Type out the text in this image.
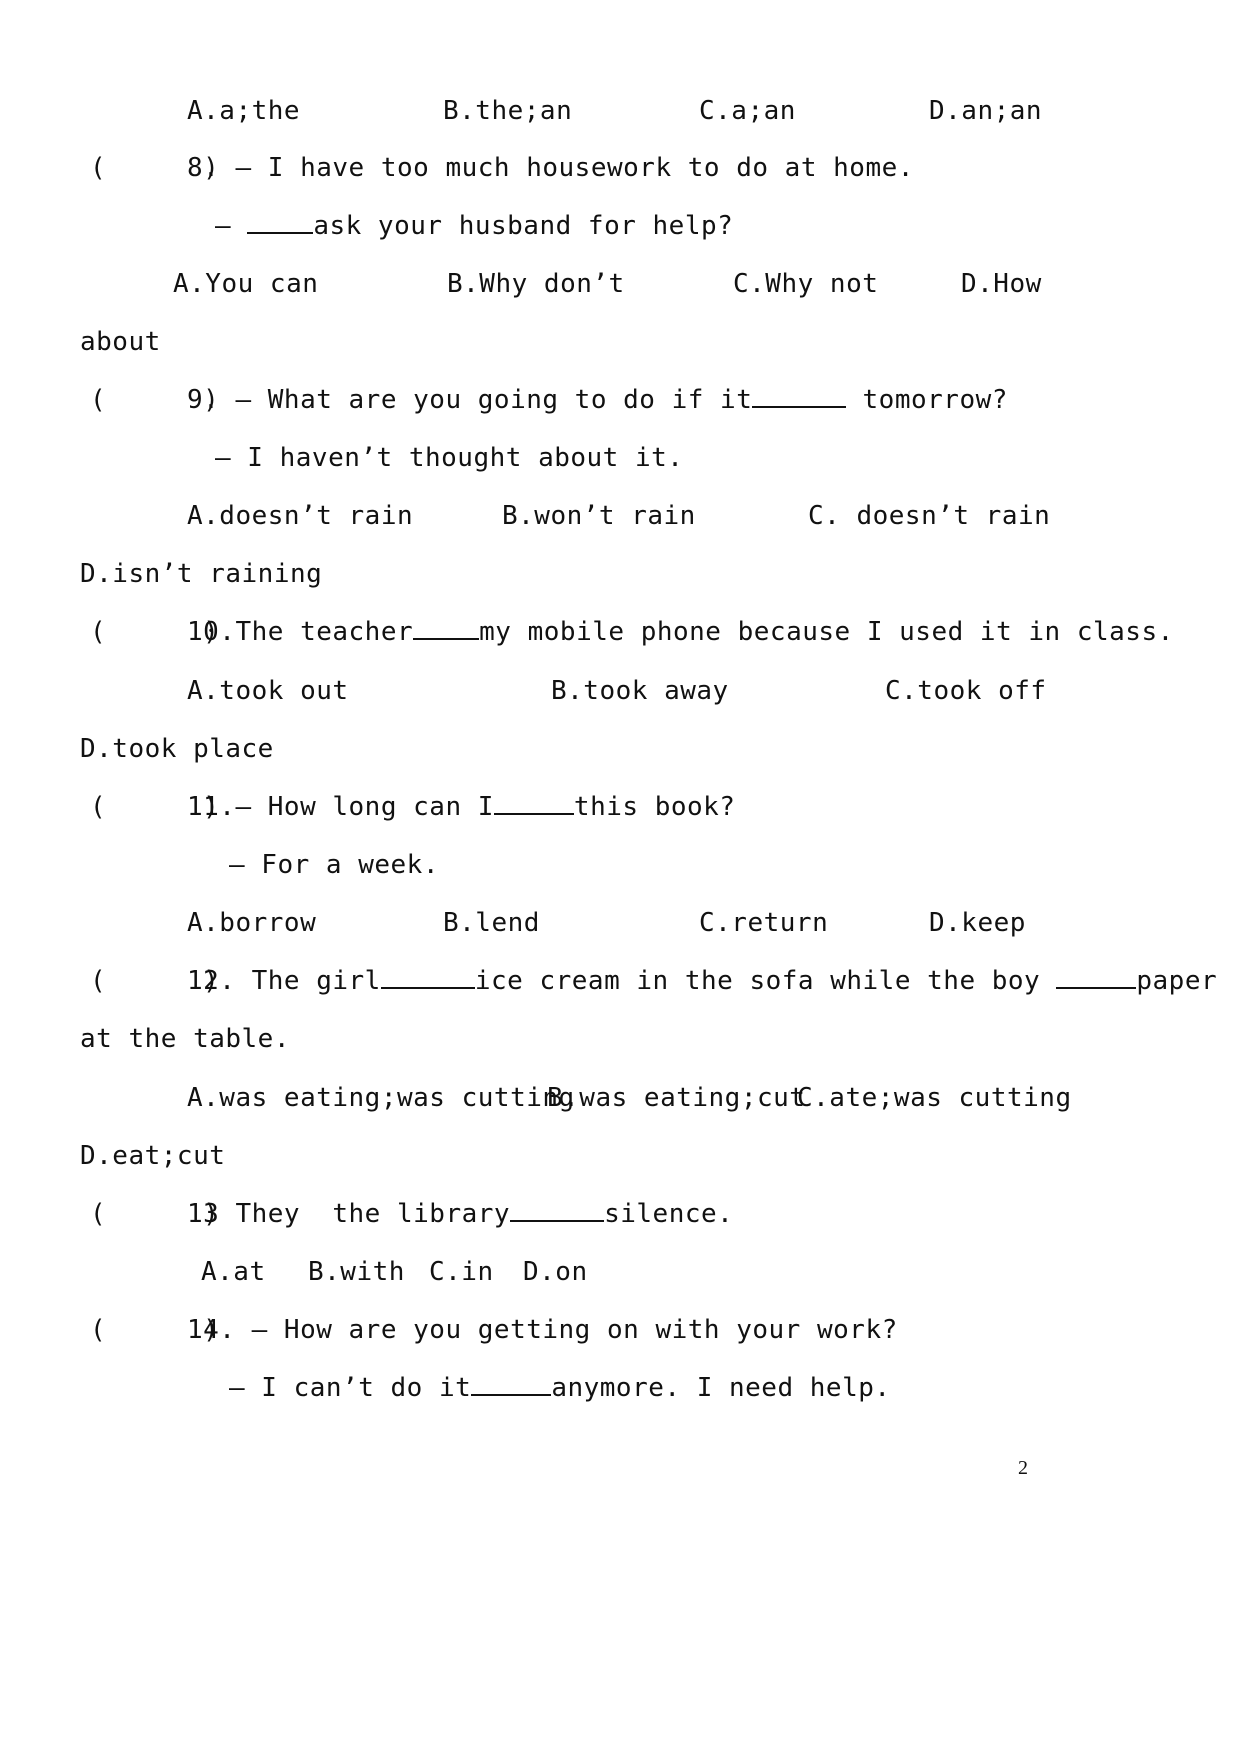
A.a;the	B.the;an	C.a;an	D.an;an
(      )
8. — I have too much housework to do at home.
—	ask your husband for help?
A.You can	B.Why don’t	C.Why not	D.How
about
(      )
9. — What are you going to do if it	tomorrow?
— I haven’t thought about it.
A.doesn’t rain	B.won’t rain	C. doesn’t rain
D.isn’t raining
(      )
10.The teacher	my mobile phone because I used it in class.
A.took out	B.took away	C.took off
D.took place
(      )
11.— How long can I	this book?
— For a week.
A.borrow	B.lend	C.return	D.keep
(      )
12. The girl	ice cream in the sofa while the boy	paper
at the table.
A.was eating;was cutting
B.was eating;cut
C.ate;was cutting
D.eat;cut
(      )
13 They  the library	silence.
A.at B.with C.in D.on
(      )
14. — How are you getting on with your work?
— I can’t do it	anymore. I need help.
2
